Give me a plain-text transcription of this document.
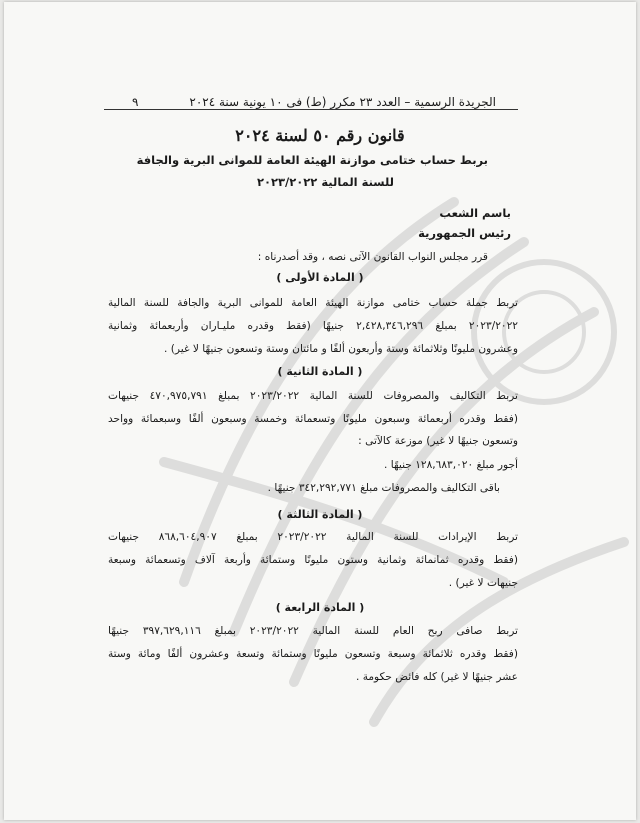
الجريدة الرسمية – العدد ٢٣ مكرر (ط) فى ١٠ يونية سنة ٢٠٢٤
٩
قانون رقم ٥٠ لسنة ٢٠٢٤
بربط حساب ختامى موازنة الهيئة العامة للموانى البرية والجافة
للسنة المالية ٢٠٢٣/٢٠٢٢
باسم الشعب
رئيس الجمهورية
قرر مجلس النواب القانون الآتى نصه ، وقد أصدرناه :
( المادة الأولى )
تربط جملة حساب ختامى موازنة الهيئة العامة للموانى البرية والجافة للسنة المالية
٢٠٢٣/٢٠٢٢ بمبلغ ٢,٤٢٨,٣٤٦,٢٩٦ جنيهًا (فقط وقدره مليـاران وأربعمائة وثمانية
وعشرون مليونًا وثلاثمائة وستة وأربعون ألفًا و مائتان وستة وتسعون جنيهًا لا غير) .
( المادة الثانية )
تربط التكاليف والمصروفات للسنة المالية ٢٠٢٣/٢٠٢٢ بمبلغ ٤٧٠,٩٧٥,٧٩١ جنيهات
(فقط وقدره أربعمائة وسبعون مليونًا وتسعمائة وخمسة وسبعون ألفًا وسبعمائة وواحد
وتسعون جنيهًا لا غير) موزعة كالآتى :
أجور مبلغ ١٢٨,٦٨٣,٠٢٠ جنيهًا .
باقى التكاليف والمصروفات مبلغ ٣٤٢,٢٩٢,٧٧١ جنيهًا .
( المادة الثالثة )
تربط الإيرادات للسنة المالية ٢٠٢٣/٢٠٢٢ بمبلغ ٨٦٨,٦٠٤,٩٠٧ جنيهات
(فقط وقدره ثمانمائة وثمانية وستون مليونًا وستمائة وأربعة آلاف وتسعمائة وسبعة
جنيهات لا غير) .
( المادة الرابعة )
تربط صافى ربح العام للسنة المالية ٢٠٢٣/٢٠٢٢ بمبلغ ٣٩٧,٦٢٩,١١٦ جنيهًا
(فقط وقدره ثلاثمائة وسبعة وتسعون مليونًا وستمائة وتسعة وعشرون ألفًا ومائة وستة
عشر جنيهًا لا غير) كله فائض حكومة .
